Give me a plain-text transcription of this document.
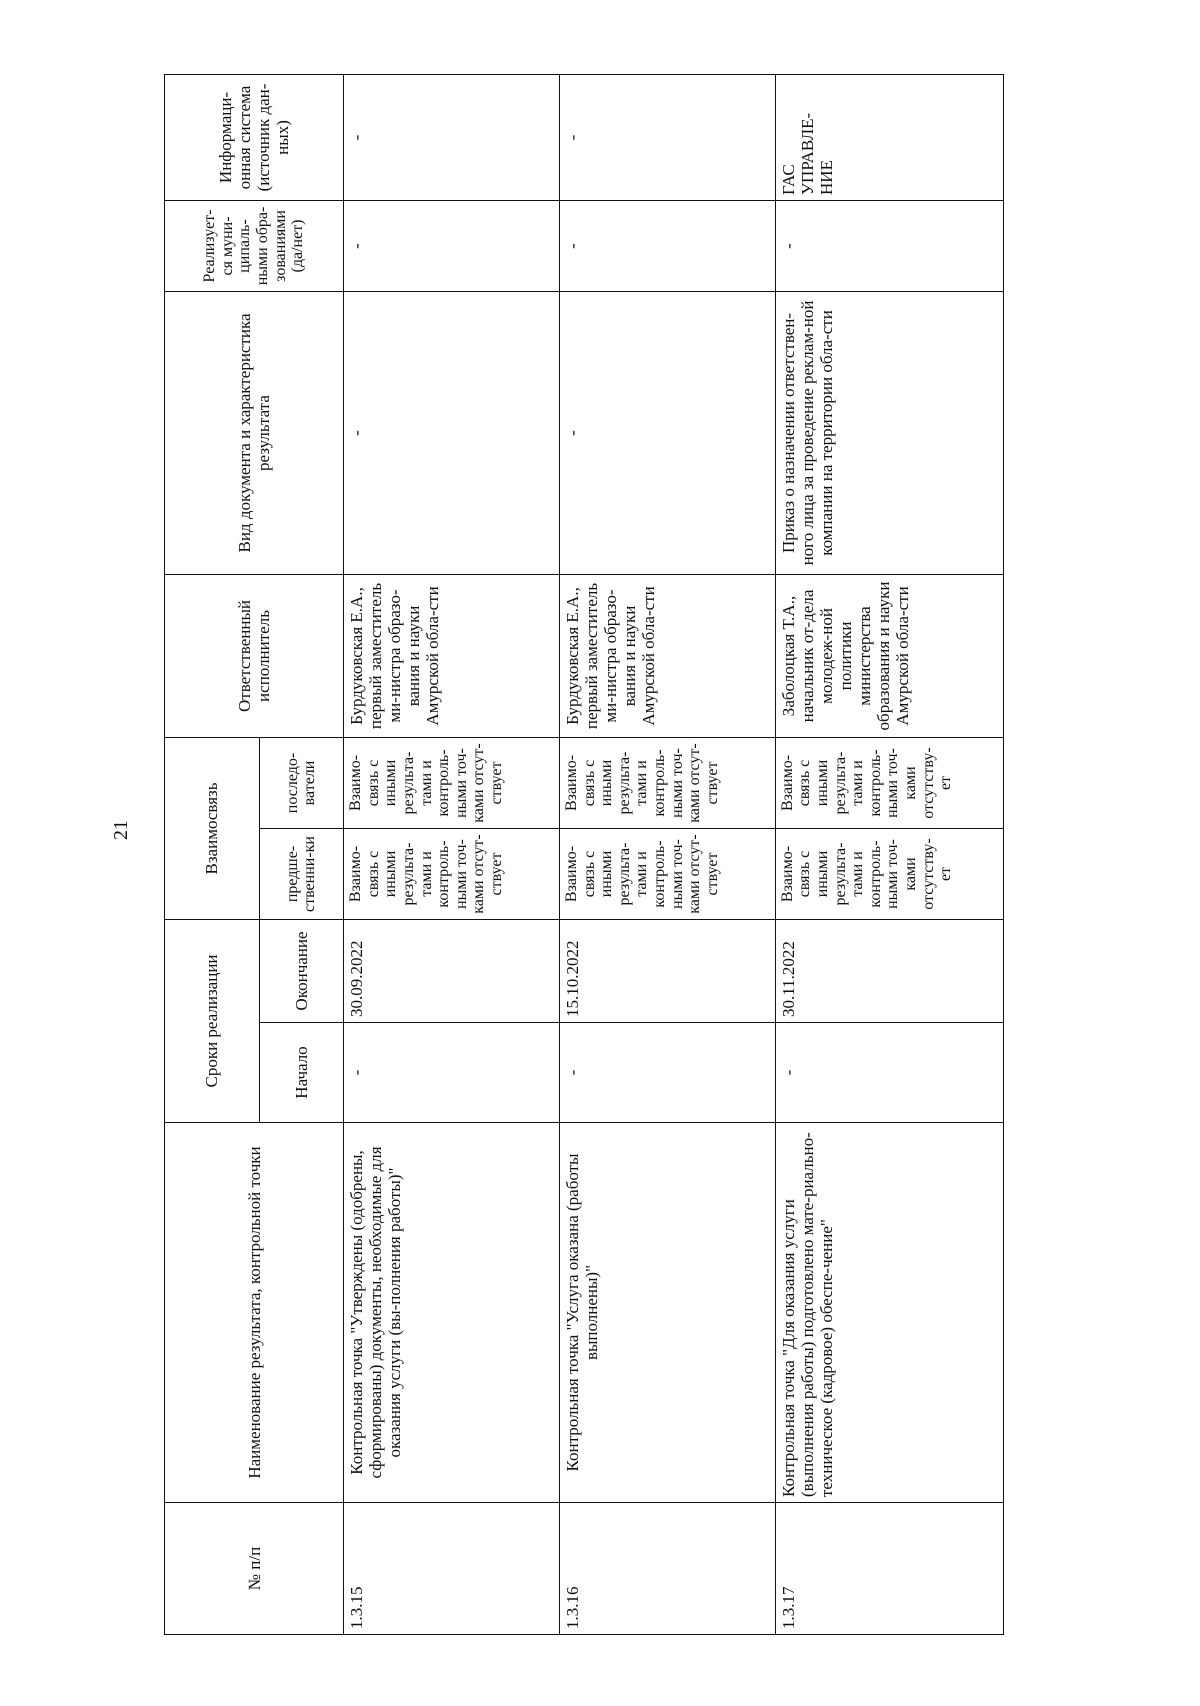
21
№ п/п	Наименование результата, контрольной точки	Сроки реализации		Взаимосвязь		Ответственный исполнитель	Вид документа и характеристика результата	Реализует-ся муни-ципаль-ными обра-зованиями (да/нет)	Информаци-онная система (источник дан-ных)
		Начало	Окончание	предше-ственни-ки	последо-ватели				
1.3.15	Контрольная точка "Утверждены (одобрены, сформированы) документы, необходимые для оказания услуги (вы-полнения работы)"	-	30.09.2022	Взаимо-связь с иными результа-тами и контроль-ными точ-ками отсут-ствует	Взаимо-связь с иными результа-тами и контроль-ными точ-ками отсут-ствует	Бурдуковская Е.А., первый заместитель ми-нистра образо-вания и науки Амурской обла-сти	-	-	-
1.3.16	Контрольная точка "Услуга оказана (работы выполнены)"	-	15.10.2022	Взаимо-связь с иными результа-тами и контроль-ными точ-ками отсут-ствует	Взаимо-связь с иными результа-тами и контроль-ными точ-ками отсут-ствует	Бурдуковская Е.А., первый заместитель ми-нистра образо-вания и науки Амурской обла-сти	-	-	-
1.3.17	Контрольная точка "Для оказания услуги (выполнения работы) подготовлено мате-риально- техническое (кадровое) обеспе-чение"	-	30.11.2022	Взаимо-связь с иными результа-тами и контроль-ными точ-ками отсутству-ет	Взаимо-связь с иными результа-тами и контроль-ными точ-ками отсутству-ет	Заболоцкая Т.А., начальник от-дела молодеж-ной политики министерства образования и науки Амурской обла-сти	Приказ о назначении ответствен-ного лица за проведение реклам-ной компании на территории обла-сти	-	ГАС УПРАВЛЕ-НИЕ
